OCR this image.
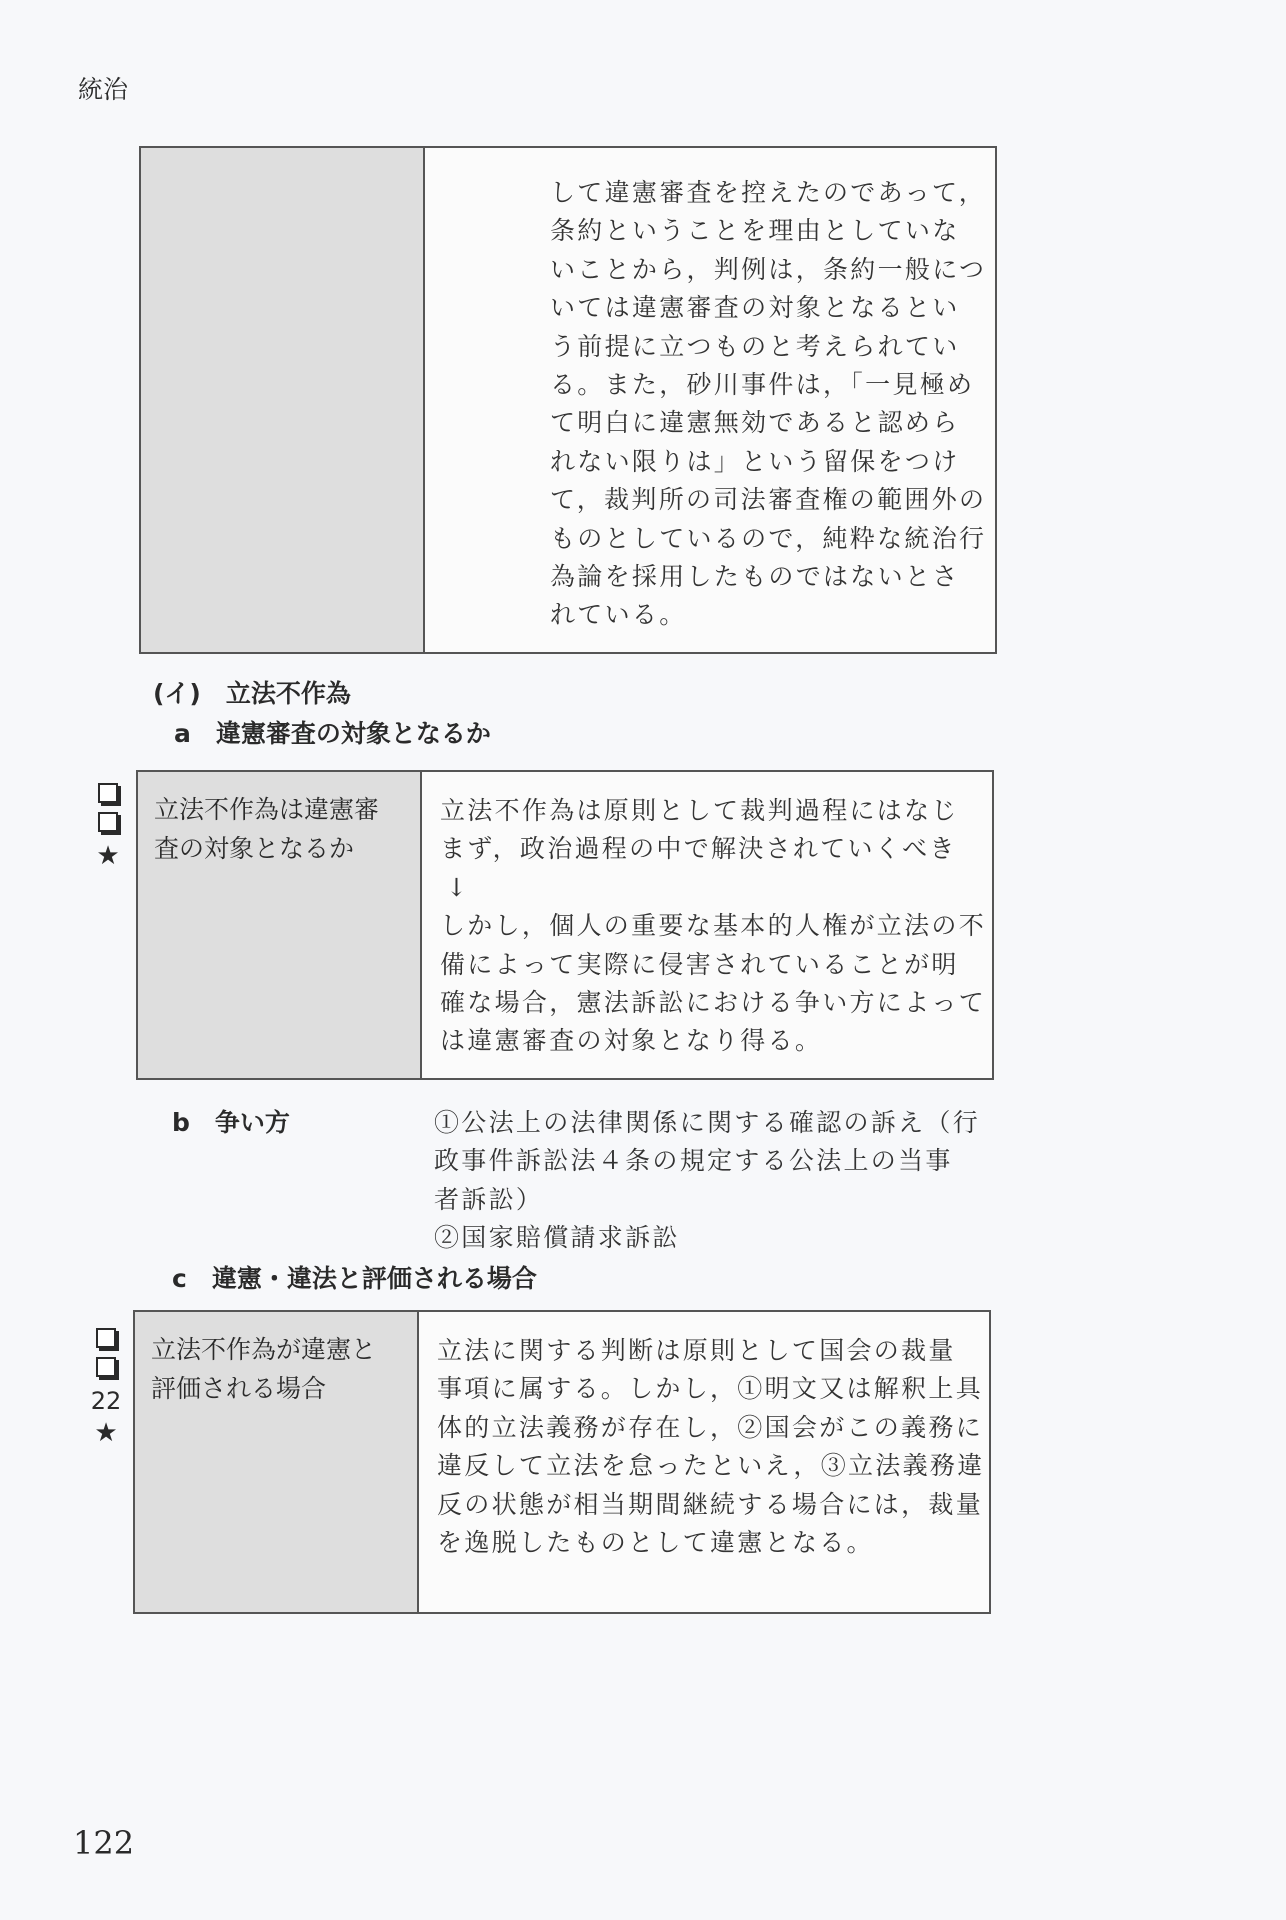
統治
して違憲審査を控えたのであって，
条約ということを理由としていな
いことから，判例は，条約一般につ
いては違憲審査の対象となるとい
う前提に立つものと考えられてい
る。また，砂川事件は，「一見極め
て明白に違憲無効であると認めら
れない限りは」という留保をつけ
て，裁判所の司法審査権の範囲外の
ものとしているので，純粋な統治行
為論を採用したものではないとさ
れている。
(イ)　立法不作為
a　違憲審査の対象となるか
★
立法不作為は違憲審
査の対象となるか
立法不作為は原則として裁判過程にはなじ
まず，政治過程の中で解決されていくべき
↓
しかし，個人の重要な基本的人権が立法の不
備によって実際に侵害されていることが明
確な場合，憲法訴訟における争い方によって
は違憲審査の対象となり得る。
b　争い方	①公法上の法律関係に関する確認の訴え（行
政事件訴訟法４条の規定する公法上の当事
者訴訟）
②国家賠償請求訴訟
c　違憲・違法と評価される場合
22
★
立法不作為が違憲と
評価される場合
立法に関する判断は原則として国会の裁量
事項に属する。しかし，①明文又は解釈上具
体的立法義務が存在し，②国会がこの義務に
違反して立法を怠ったといえ，③立法義務違
反の状態が相当期間継続する場合には，裁量
を逸脱したものとして違憲となる。
122
